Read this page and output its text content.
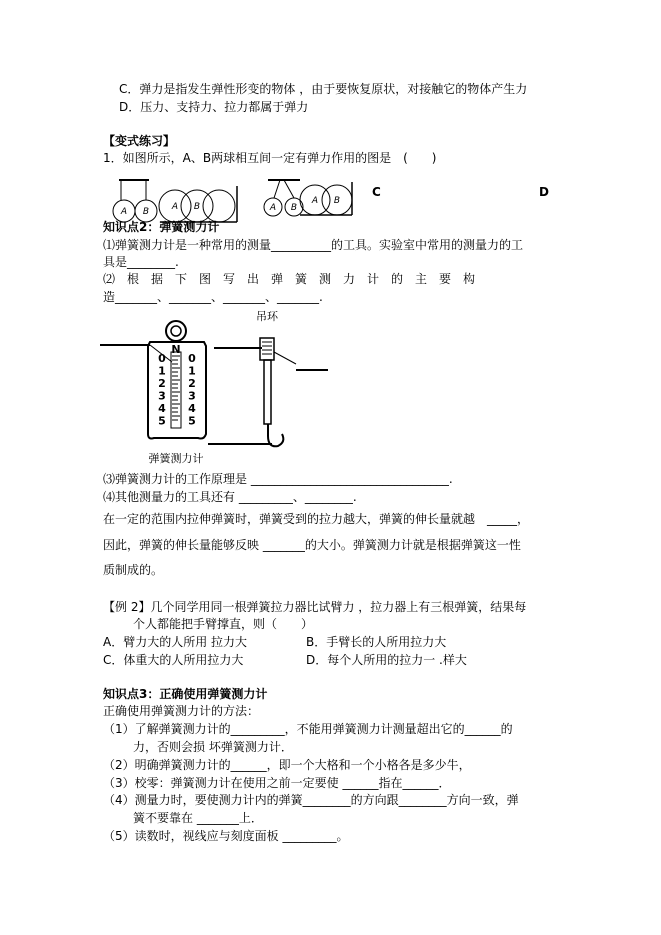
C．弹力是指发生弹性形变的物体 ，由于要恢复原状，对接触它的物体产生力
D．压力、支持力、拉力都属于弹力
【变式练习】
1．如图所示，A、B两球相互间一定有弹力作用的图是　(　　)
A B	A B	A B
A B
C	D
知识点2：弹簧测力计
⑴弹簧测力计是一种常用的测量__________的工具。实验室中常用的测量力的工
具是________.
⑵　根　据　下　图　写　出　弹　簧　测　力　计　的　主　要　构
造_______、_______、_______、_______.
N
0
1
2
3
4
5
0
1
2
3
4
5
吊环
弹簧测力计
⑶弹簧测力计的工作原理是 _________________________________.
⑷其他测量力的工具还有 _________、________.
在一定的范围内拉伸弹簧时，弹簧受到的拉力越大，弹簧的伸长量就越　_____，
因此，弹簧的伸长量能够反映 _______的大小。弹簧测力计就是根据弹簧这一性
质制成的。
【例 2】几个同学用同一根弹簧拉力器比试臂力 ，拉力器上有三根弹簧，结果每
个人都能把手臂撑直，则（　　）
A．臂力大的人所用 拉力大	B．手臂长的人所用拉力大
C．体重大的人所用拉力大	D．每个人所用的拉力一 .样大
知识点3：正确使用弹簧测力计
正确使用弹簧测力计的方法：
（1）了解弹簧测力计的_________，不能用弹簧测力计测量超出它的______的
力，否则会损 坏弹簧测力计．
（2）明确弹簧测力计的______，即一个大格和一个小格各是多少牛，
（3）校零：弹簧测力计在使用之前一定要使 ______指在______．
（4）测量力时，要使测力计内的弹簧________的方向跟________方向一致，弹
簧不要靠在 _______上．
（5）读数时，视线应与刻度面板 _________。
